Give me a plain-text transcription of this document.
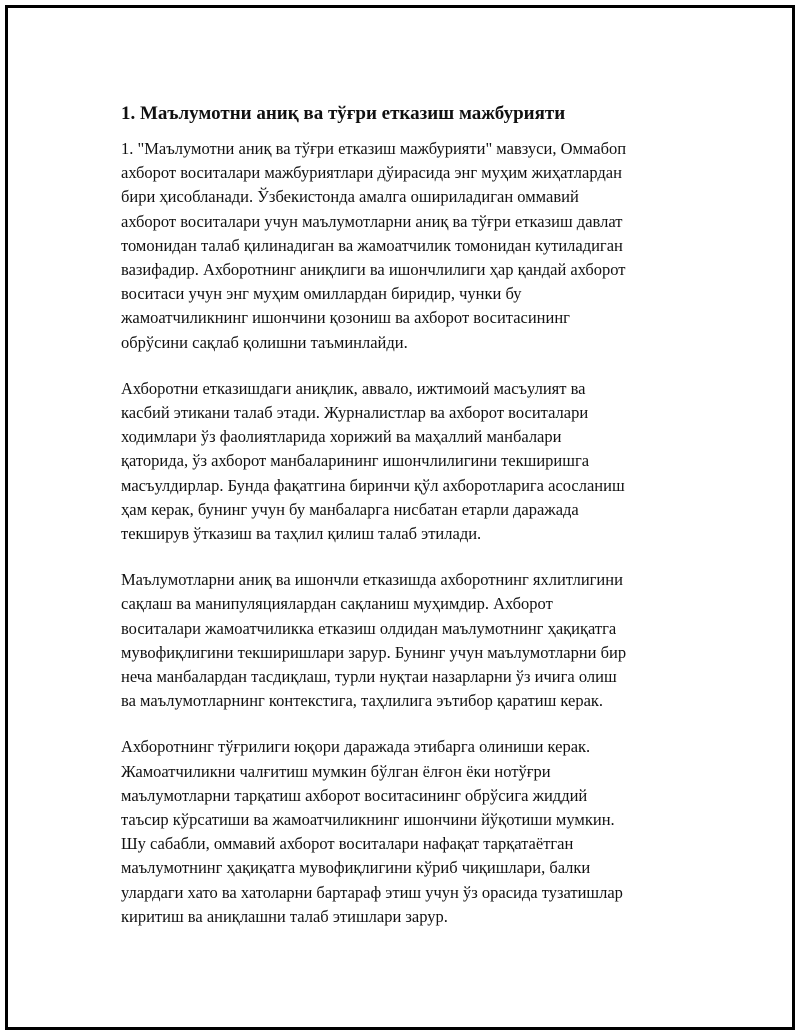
1. Маълумотни аниқ ва тўғри етказиш мажбурияти
1. "Маълумотни аниқ ва тўғри етказиш мажбурияти" мавзуси, Оммабоп
ахборот воситалари мажбуриятлари дўирасида энг муҳим жиҳатлардан
бири ҳисобланади. Ўзбекистонда амалга ошириладиган оммавий
ахборот воситалари учун маълумотларни аниқ ва тўғри етказиш давлат
томонидан талаб қилинадиган ва жамоатчилик томонидан кутиладиган
вазифадир. Ахборотнинг аниқлиги ва ишончлилиги ҳар қандай ахборот
воситаси учун энг муҳим омиллардан биридир, чунки бу
жамоатчиликнинг ишончини қозониш ва ахборот воситасининг
обрўсини сақлаб қолишни таъминлайди.
Ахборотни етказишдаги аниқлик, аввало, ижтимоий масъулият ва
касбий этикани талаб этади. Журналистлар ва ахборот воситалари
ходимлари ўз фаолиятларида хорижий ва маҳаллий манбалари
қаторида, ўз ахборот манбаларининг ишончлилигини текширишга
масъулдирлар. Бунда фақатгина биринчи қўл ахборотларига асосланиш
ҳам керак, бунинг учун бу манбаларга нисбатан етарли даражада
текширув ўтказиш ва таҳлил қилиш талаб этилади.
Маълумотларни аниқ ва ишончли етказишда ахборотнинг яхлитлигини
сақлаш ва манипуляциялардан сақланиш муҳимдир. Ахборот
воситалари жамоатчиликка етказиш олдидан маълумотнинг ҳақиқатга
мувофиқлигини текширишлари зарур. Бунинг учун маълумотларни бир
неча манбалардан тасдиқлаш, турли нуқтаи назарларни ўз ичига олиш
ва маълумотларнинг контекстига, таҳлилига эътибор қаратиш керак.
Ахборотнинг тўғрилиги юқори даражада этибарга олиниши керак.
Жамоатчиликни чалғитиш мумкин бўлган ёлғон ёки нотўғри
маълумотларни тарқатиш ахборот воситасининг обрўсига жиддий
таъсир кўрсатиши ва жамоатчиликнинг ишончини йўқотиши мумкин.
Шу сабабли, оммавий ахборот воситалари нафақат тарқатаётган
маълумотнинг ҳақиқатга мувофиқлигини кўриб чиқишлари, балки
улардаги хато ва хатоларни бартараф этиш учун ўз орасида тузатишлар
киритиш ва аниқлашни талаб этишлари зарур.
